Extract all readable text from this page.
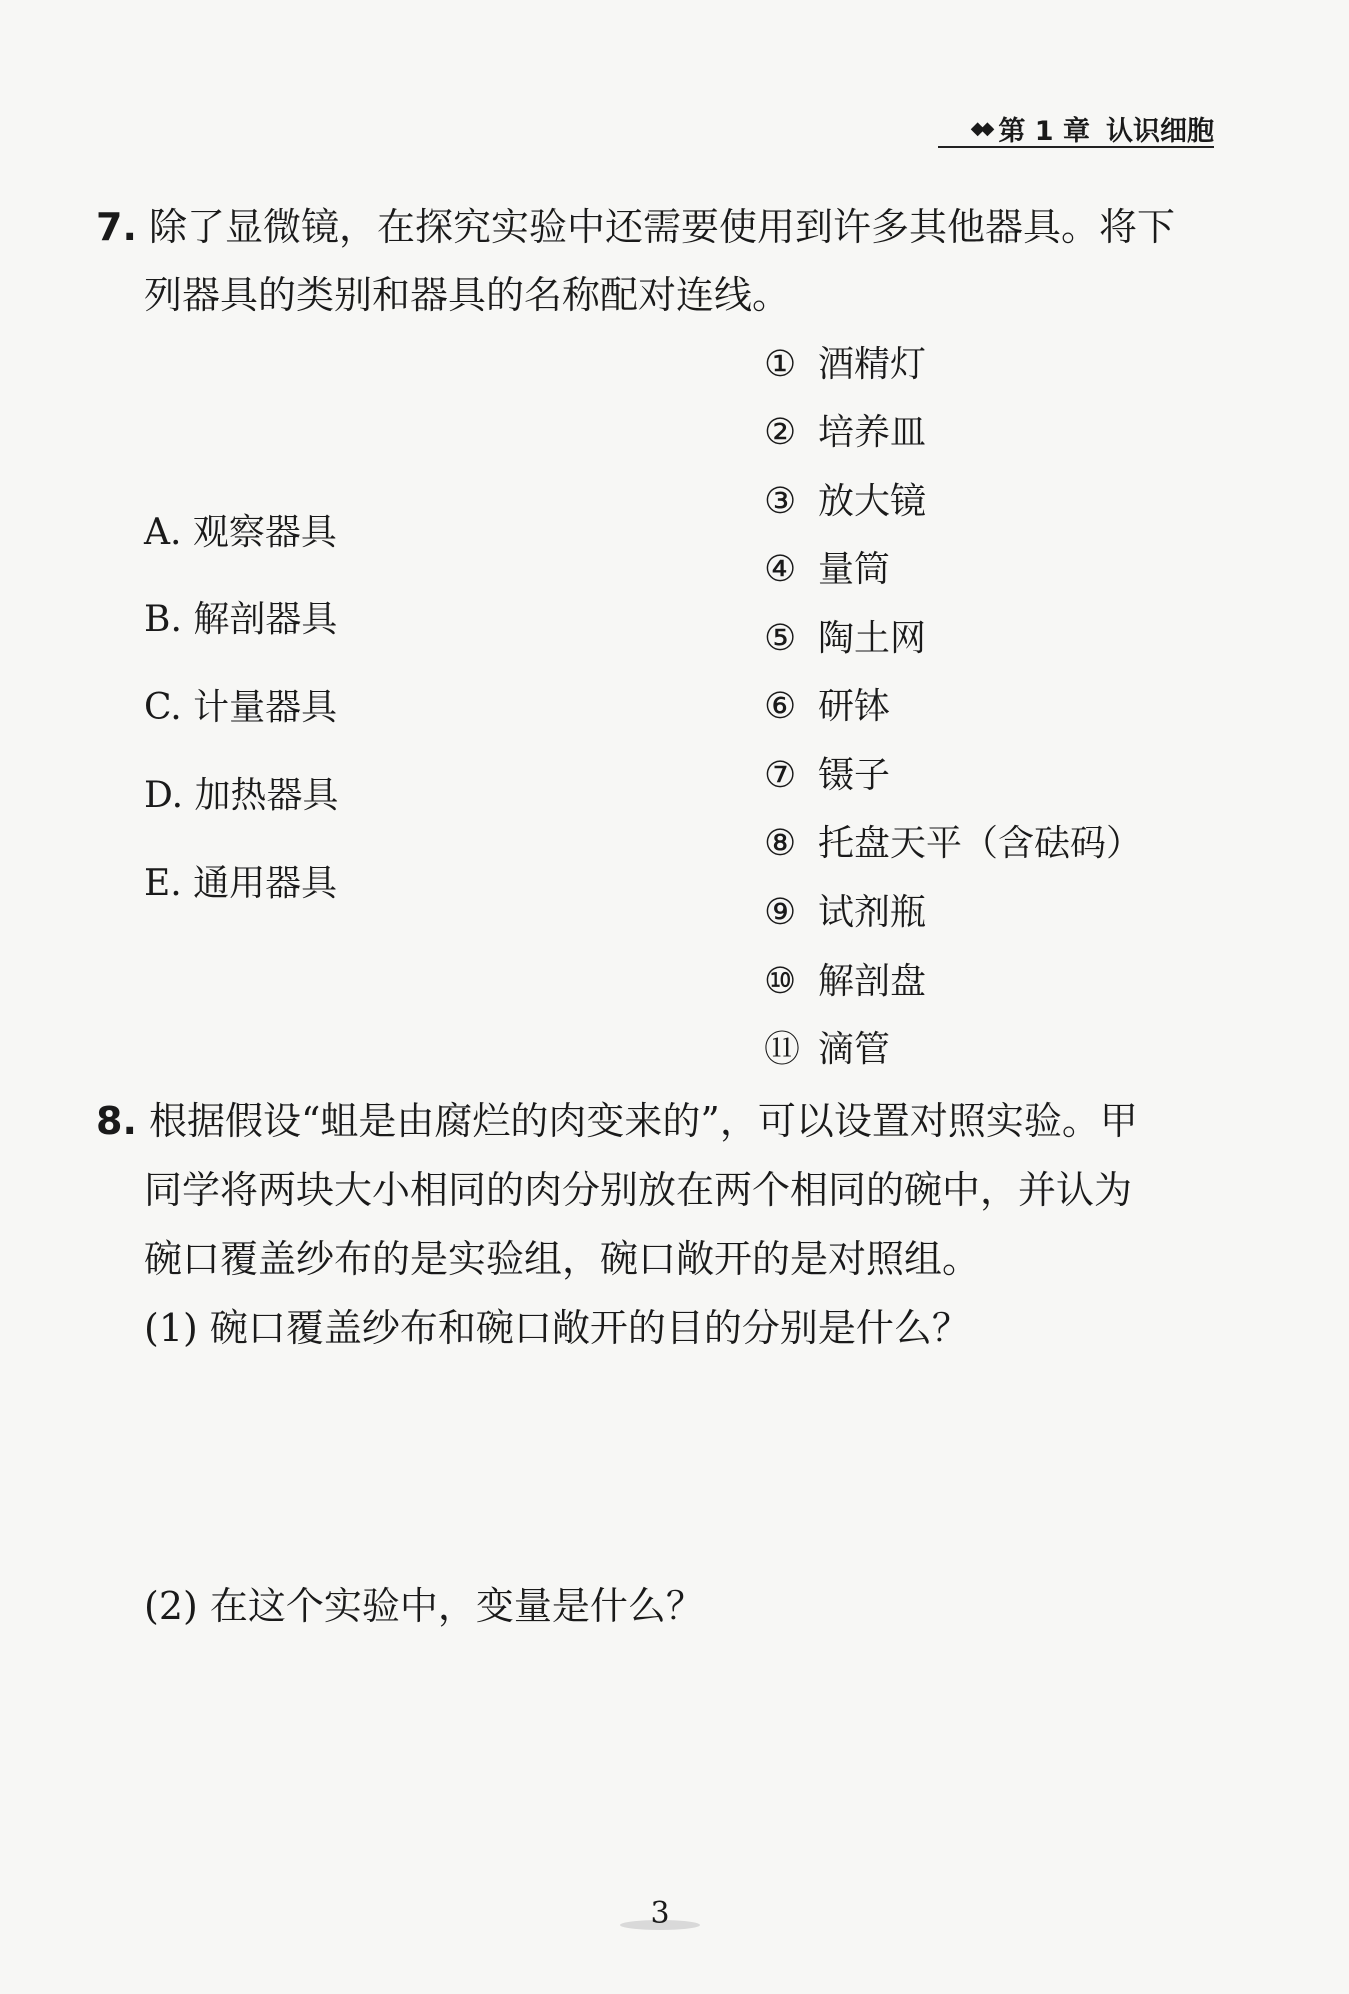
◆◆ 第 1 章 认识细胞
7. 除了显微镜，在探究实验中还需要使用到许多其他器具。将下
列器具的类别和器具的名称配对连线。
A. 观察器具
B. 解剖器具
C. 计量器具
D. 加热器具
E. 通用器具
① 酒精灯
② 培养皿
③ 放大镜
④ 量筒
⑤ 陶土网
⑥ 研钵
⑦ 镊子
⑧ 托盘天平（含砝码）
⑨ 试剂瓶
⑩ 解剖盘
⑪ 滴管
8. 根据假设“蛆是由腐烂的肉变来的”，可以设置对照实验。甲
同学将两块大小相同的肉分别放在两个相同的碗中，并认为
碗口覆盖纱布的是实验组，碗口敞开的是对照组。
(1) 碗口覆盖纱布和碗口敞开的目的分别是什么？
(2) 在这个实验中，变量是什么？
3
